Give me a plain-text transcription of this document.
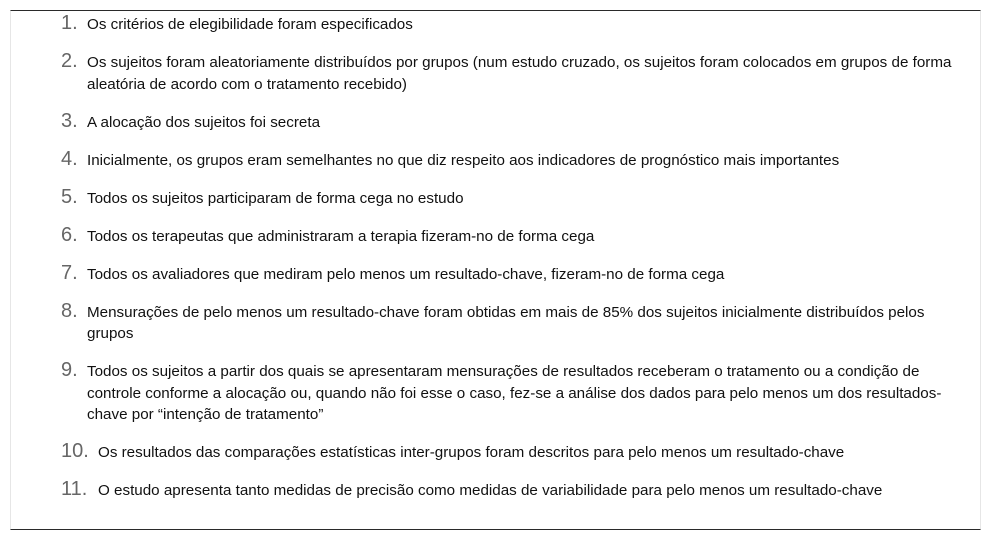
1. Os critérios de elegibilidade foram especificados
2. Os sujeitos foram aleatoriamente distribuídos por grupos (num estudo cruzado, os sujeitos foram colocados em grupos de forma aleatória de acordo com o tratamento recebido)
3. A alocação dos sujeitos foi secreta
4. Inicialmente, os grupos eram semelhantes no que diz respeito aos indicadores de prognóstico mais importantes
5. Todos os sujeitos participaram de forma cega no estudo
6. Todos os terapeutas que administraram a terapia fizeram-no de forma cega
7. Todos os avaliadores que mediram pelo menos um resultado-chave, fizeram-no de forma cega
8. Mensurações de pelo menos um resultado-chave foram obtidas em mais de 85% dos sujeitos inicialmente distribuídos pelos grupos
9. Todos os sujeitos a partir dos quais se apresentaram mensurações de resultados receberam o tratamento ou a condição de controle conforme a alocação ou, quando não foi esse o caso, fez-se a análise dos dados para pelo menos um dos resultados-chave por “intenção de tratamento”
10. Os resultados das comparações estatísticas inter-grupos foram descritos para pelo menos um resultado-chave
11. O estudo apresenta tanto medidas de precisão como medidas de variabilidade para pelo menos um resultado-chave
